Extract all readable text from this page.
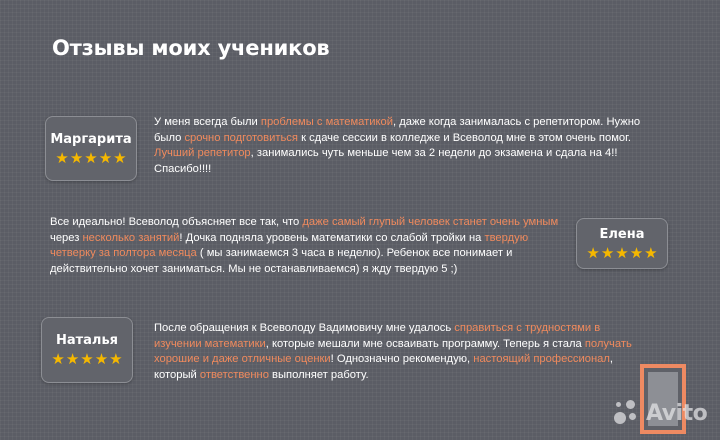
Отзывы моих учеников
Маргарита
★ ★ ★ ★ ★

У меня всегда были проблемы с математикой, даже когда занималась с репетитором. Нужно было срочно подготовиться к сдаче сессии в колледже и Всеволод мне в этом очень помог. Лучший репетитор, занимались чуть меньше чем за 2 недели до экзамена и сдала на 4!! Спасибо!!!!

Все идеально! Всеволод объясняет все так, что даже самый глупый человек станет очень умным через несколько занятий! Дочка подняла уровень математики со слабой тройки на твердую четверку за полтора месяца ( мы занимаемся 3 часа в неделю). Ребенок все понимает и действительно хочет заниматься. Мы не останавливаемся) я жду твердую 5 ;)

Елена
★ ★ ★ ★ ★
Наталья
★ ★ ★ ★ ★

После обращения к Всеволоду Вадимовичу мне удалось справиться с трудностями в изучении математики, которые мешали мне осваивать программу. Теперь я стала получать хорошие и даже отличные оценки! Однозначно рекомендую, настоящий профессионал, который ответственно выполняет работу.

Avito
